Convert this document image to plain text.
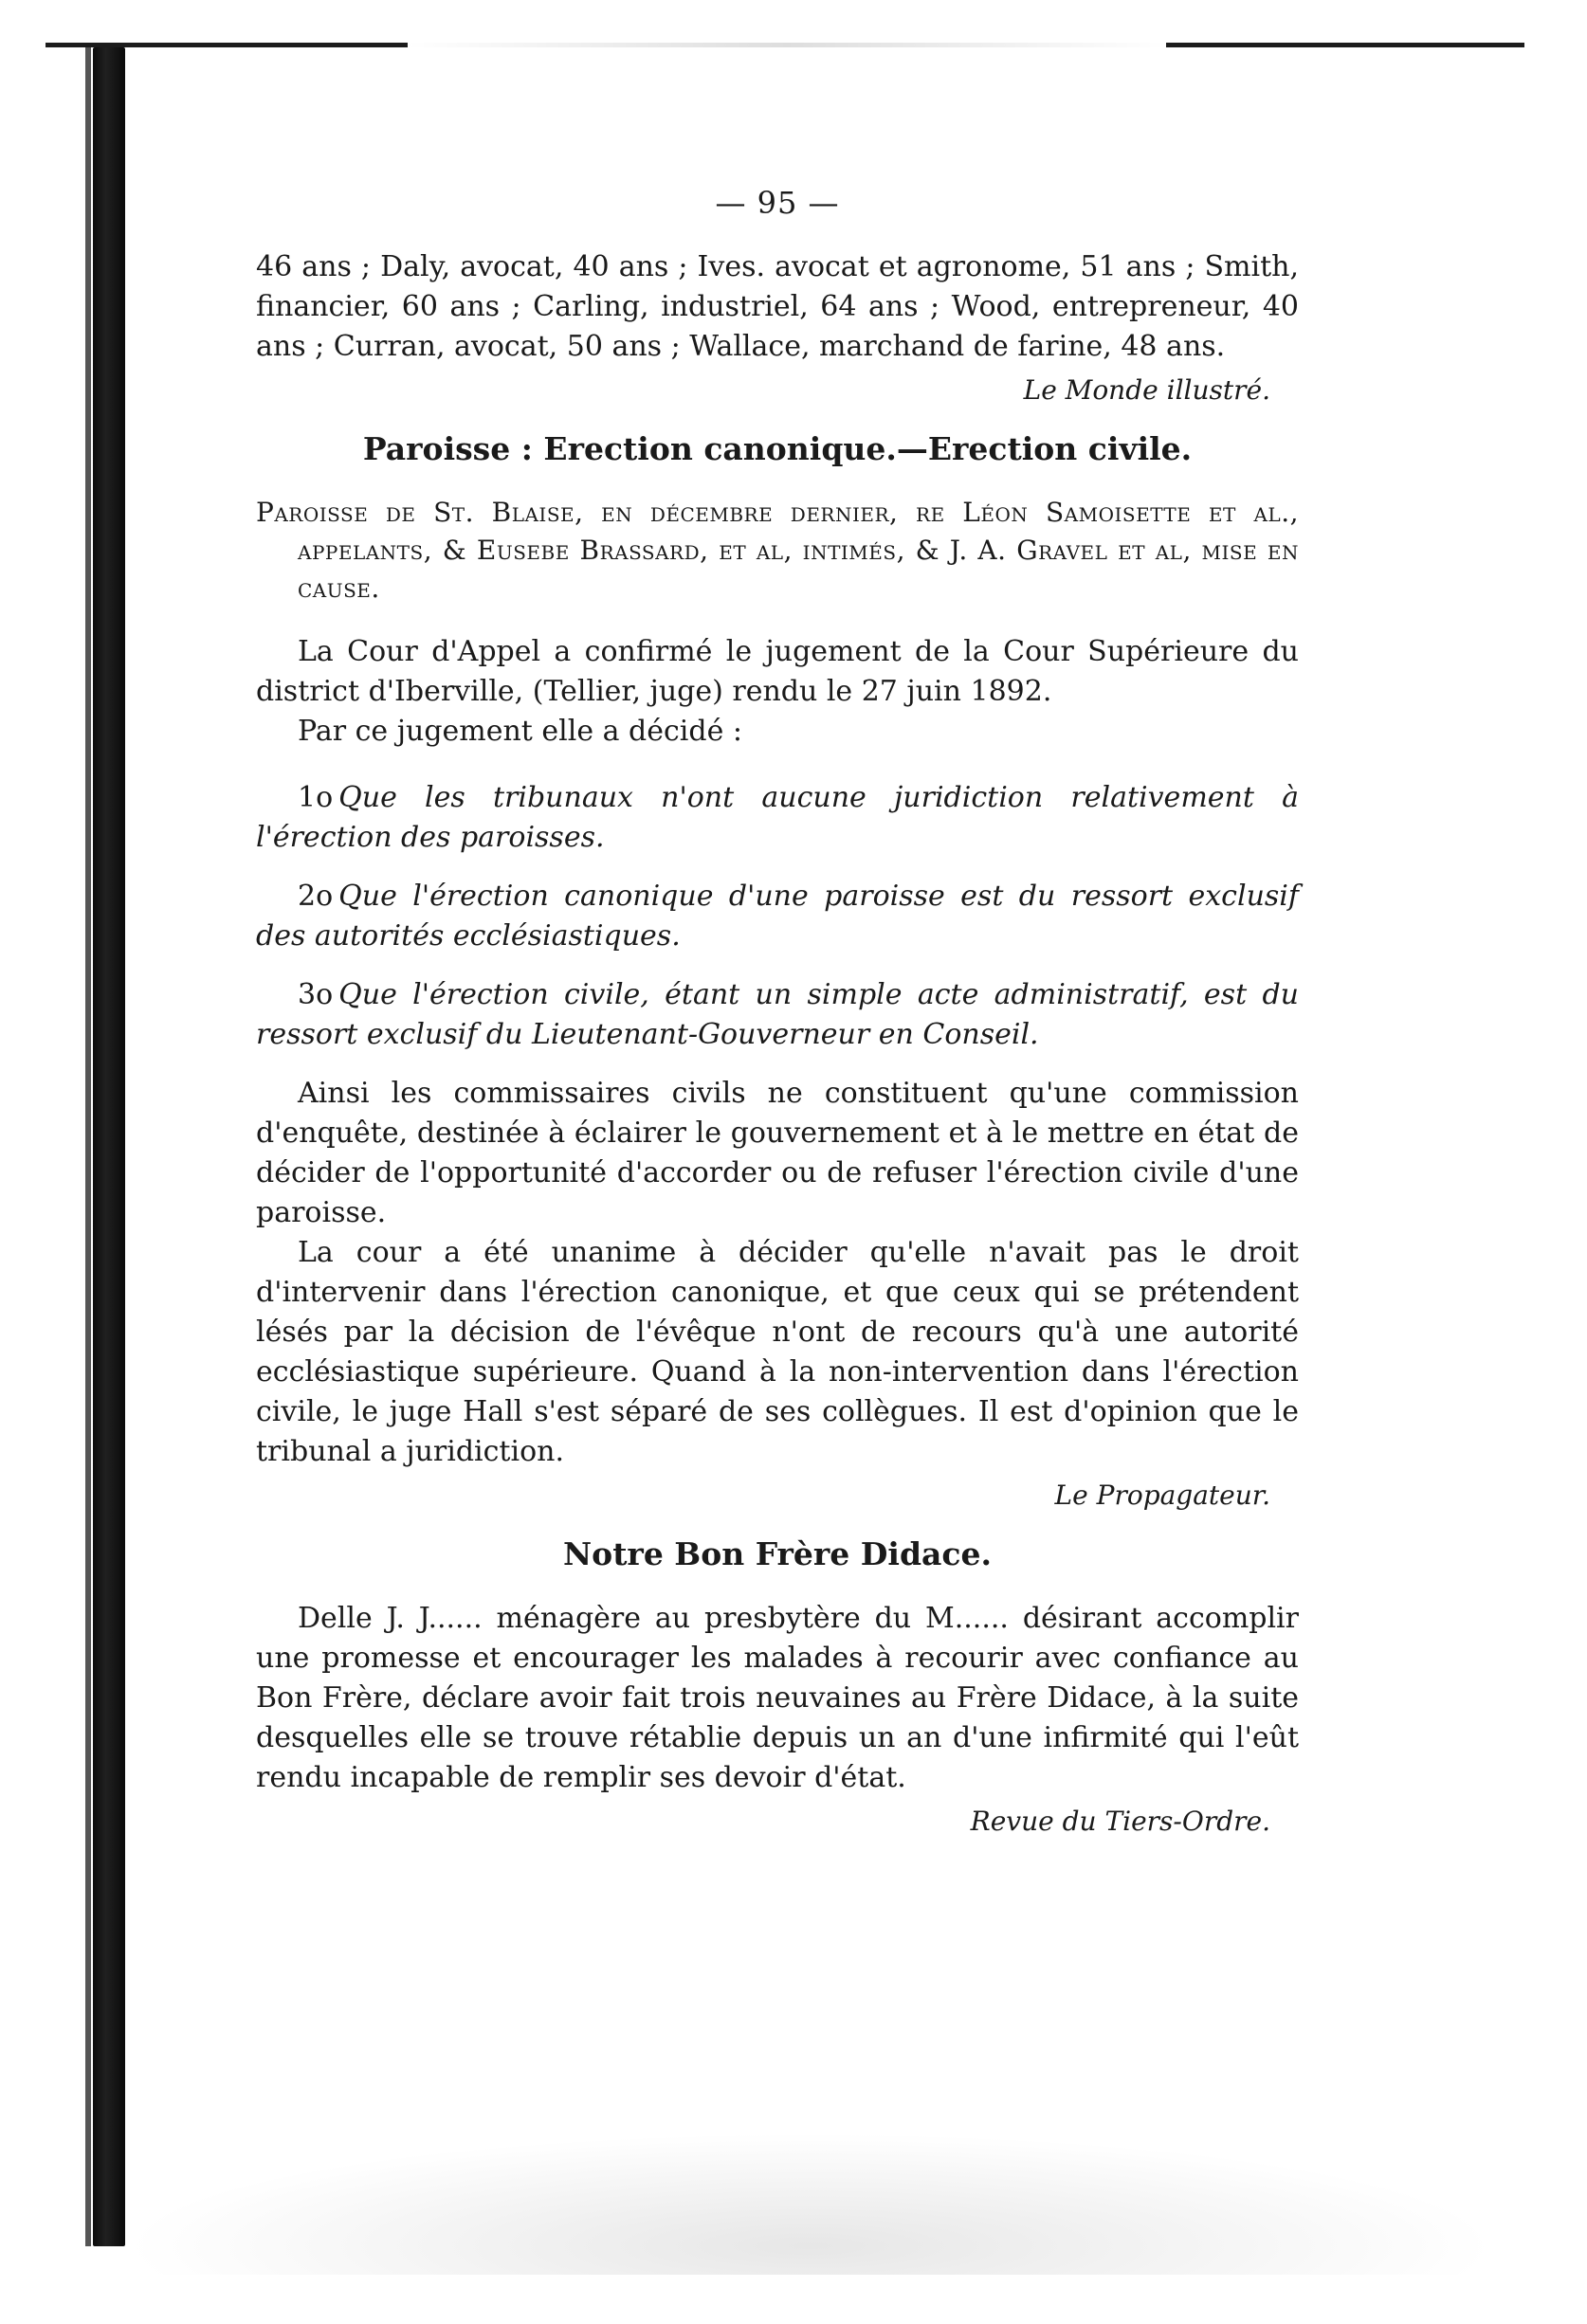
— 95 —

46 ans ; Daly, avocat, 40 ans ; Ives. avocat et agronome, 51 ans ; Smith, financier, 60 ans ; Carling, industriel, 64 ans ; Wood, entrepreneur, 40 ans ; Curran, avocat, 50 ans ; Wallace, marchand de farine, 48 ans.

Le Monde illustré.
Paroisse : Erection canonique.—Erection civile.

Paroisse de St. Blaise, en décembre dernier, re Léon Samoisette et al., appelants, & Eusebe Brassard, et al, intimés, & J. A. Gravel et al, mise en cause.

La Cour d'Appel a confirmé le jugement de la Cour Supérieure du district d'Iberville, (Tellier, juge) rendu le 27 juin 1892.

Par ce jugement elle a décidé :

1o Que les tribunaux n'ont aucune juridiction relativement à l'érection des paroisses.

2o Que l'érection canonique d'une paroisse est du ressort exclusif des autorités ecclésiastiques.

3o Que l'érection civile, étant un simple acte administratif, est du ressort exclusif du Lieutenant-Gouverneur en Conseil.

Ainsi les commissaires civils ne constituent qu'une commission d'enquête, destinée à éclairer le gouvernement et à le mettre en état de décider de l'opportunité d'accorder ou de refuser l'érection civile d'une paroisse.

La cour a été unanime à décider qu'elle n'avait pas le droit d'intervenir dans l'érection canonique, et que ceux qui se prétendent lésés par la décision de l'évêque n'ont de recours qu'à une autorité ecclésiastique supérieure. Quand à la non-intervention dans l'érection civile, le juge Hall s'est séparé de ses collègues. Il est d'opinion que le tribunal a juridiction.

Le Propagateur.
Notre Bon Frère Didace.

Delle J. J...... ménagère au presbytère du M...... désirant accomplir une promesse et encourager les malades à recourir avec confiance au Bon Frère, déclare avoir fait trois neuvaines au Frère Didace, à la suite desquelles elle se trouve rétablie depuis un an d'une infirmité qui l'eût rendu incapable de remplir ses devoir d'état.

Revue du Tiers-Ordre.
